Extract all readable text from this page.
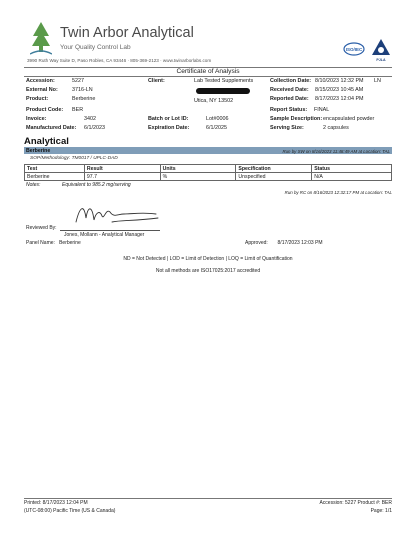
Twin Arbor Analytical
Your Quality Control Lab
3990 Ruth Way Suite D, Paso Robles, CA 93446 · 805-369-2123 · www.twinarborlabs.com
ISO/IEC
PJLA
Certificate of Analysis
Accession:	5227
External No:	3716-LN
Product:	Berberine
Product Code: BER
Invoice:	3402
Manufactured Date: 6/1/2023
Client:	Lab Tested Supplements
Utica, NY 13502
Batch or Lot ID:	Lot#0006
Expiration Date:	6/1/2025
Collection Date: 8/10/2023 12:32 PM LN
Received Date: 8/15/2023 10:45 AM
Reported Date: 8/17/2023 12:04 PM
Report Status: FINAL
Sample Description: encapsulated powder
Serving Size:	2 capsules
Analytical
Berberine	Run by SW on 8/16/2023 11:48:49 AM at Location: TAL
SOP/Methodology: TM0017 / UPLC-DAD
Test	Result	Units	Specification	Status
Berberine	97.7	%	Unspecified	N/A
Notes:	Equivalent to 985.2 mg/serving
Run by RC on 8/16/2023 12:32:17 PM at Location: TAL
Reviewed By:
Jones, Mollann - Analytical Manager
Panel Name: Berberine	Approved: 8/17/2023 12:03 PM
ND = Not Detected | LOD = Limit of Detection | LOQ = Limit of Quantification
Not all methods are ISO17025:2017 accredited
Printed: 8/17/2023 12:04 PM
(UTC-08:00) Pacific Time (US & Canada)
Accession: 5227 Product #: BER
Page: 1/1
